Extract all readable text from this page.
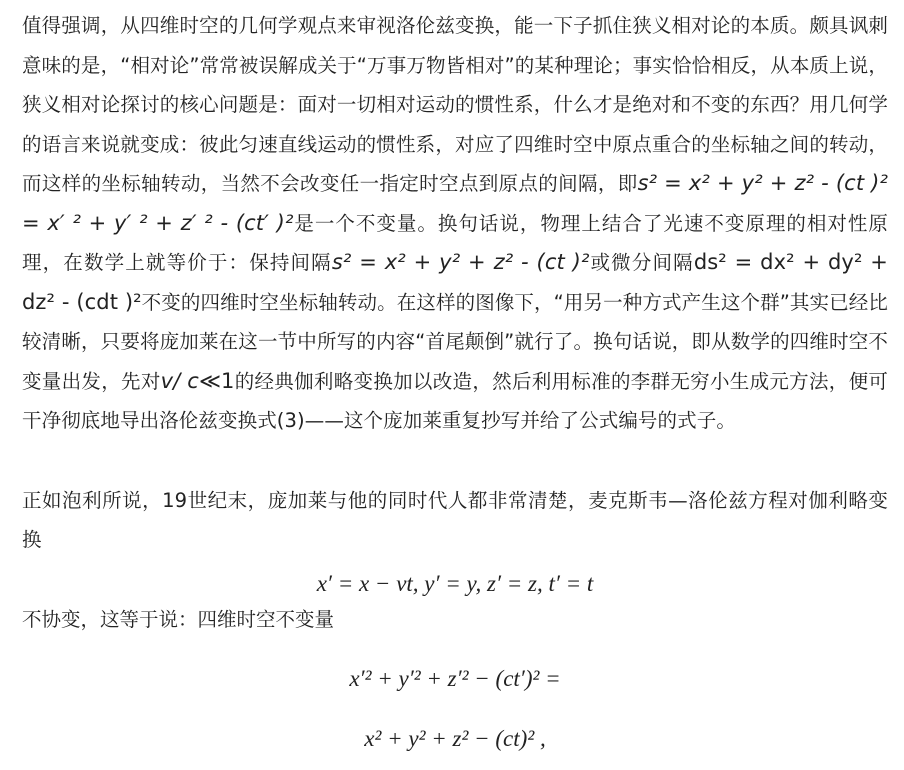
值得强调，从四维时空的几何学观点来审视洛伦兹变换，能一下子抓住狭义相对论的本质。颇具讽刺意味的是，“相对论”常常被误解成关于“万事万物皆相对”的某种理论；事实恰恰相反，从本质上说，狭义相对论探讨的核心问题是：面对一切相对运动的惯性系，什么才是绝对和不变的东西？用几何学的语言来说就变成：彼此匀速直线运动的惯性系，对应了四维时空中原点重合的坐标轴之间的转动，而这样的坐标轴转动，当然不会改变任一指定时空点到原点的间隔，即s² = x² + y² + z² - (ct )² = x′ ² + y′ ² + z′ ² - (ct′ )²是一个不变量。换句话说，物理上结合了光速不变原理的相对性原理，在数学上就等价于：保持间隔s² = x² + y² + z² - (ct )²或微分间隔ds² = dx² + dy² + dz² - (cdt )²不变的四维时空坐标轴转动。在这样的图像下，“用另一种方式产生这个群”其实已经比较清晰，只要将庞加莱在这一节中所写的内容“首尾颠倒”就行了。换句话说，即从数学的四维时空不变量出发，先对v/ c≪1的经典伽利略变换加以改造，然后利用标准的李群无穷小生成元方法，便可干净彻底地导出洛伦兹变换式(3)——这个庞加莱重复抄写并给了公式编号的式子。

正如泡利所说，19世纪末，庞加莱与他的同时代人都非常清楚，麦克斯韦—洛伦兹方程对伽利略变换

x′ = x − vt, y′ = y, z′ = z, t′ = t

不协变，这等于说：四维时空不变量

x′² + y′² + z′² − (ct′)² =

x² + y² + z² − (ct)² ,
